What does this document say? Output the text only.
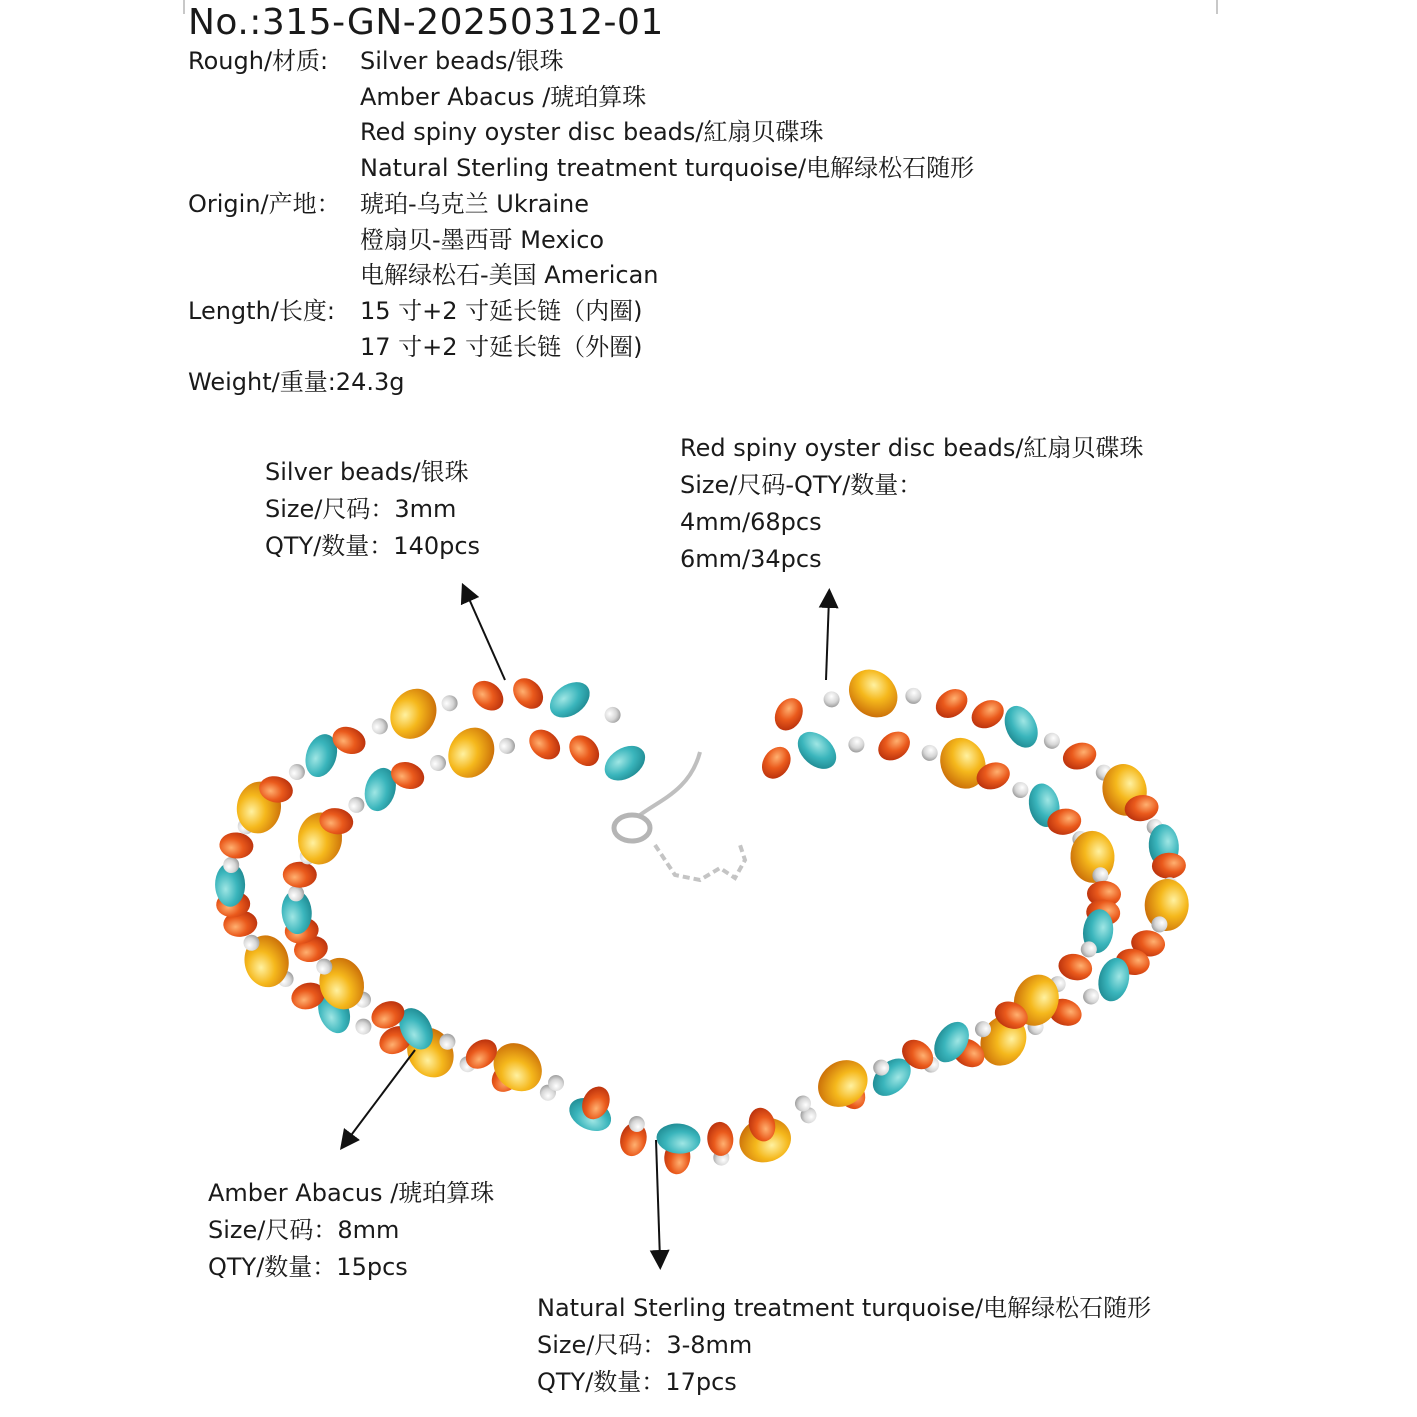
No.:315-GN-20250312-01
Rough/材质:	Silver beads/银珠
Amber Abacus /琥珀算珠
Red spiny oyster disc beads/紅扇贝碟珠
Natural Sterling treatment turquoise/电解绿松石随形
Origin/产地： 琥珀-乌克兰 Ukraine
橙扇贝-墨西哥 Mexico
电解绿松石-美国 American
Length/长度:	15 寸+2 寸延长链（内圈)
17 寸+2 寸延长链（外圈)
Weight/重量: 24.3g
Silver beads/银珠
Size/尺码：3mm
QTY/数量：140pcs
Red spiny oyster disc beads/紅扇贝碟珠
Size/尺码-QTY/数量：
4mm/68pcs
6mm/34pcs
Amber Abacus /琥珀算珠
Size/尺码：8mm
QTY/数量：15pcs
Natural Sterling treatment turquoise/电解绿松石随形
Size/尺码：3-8mm
QTY/数量：17pcs
